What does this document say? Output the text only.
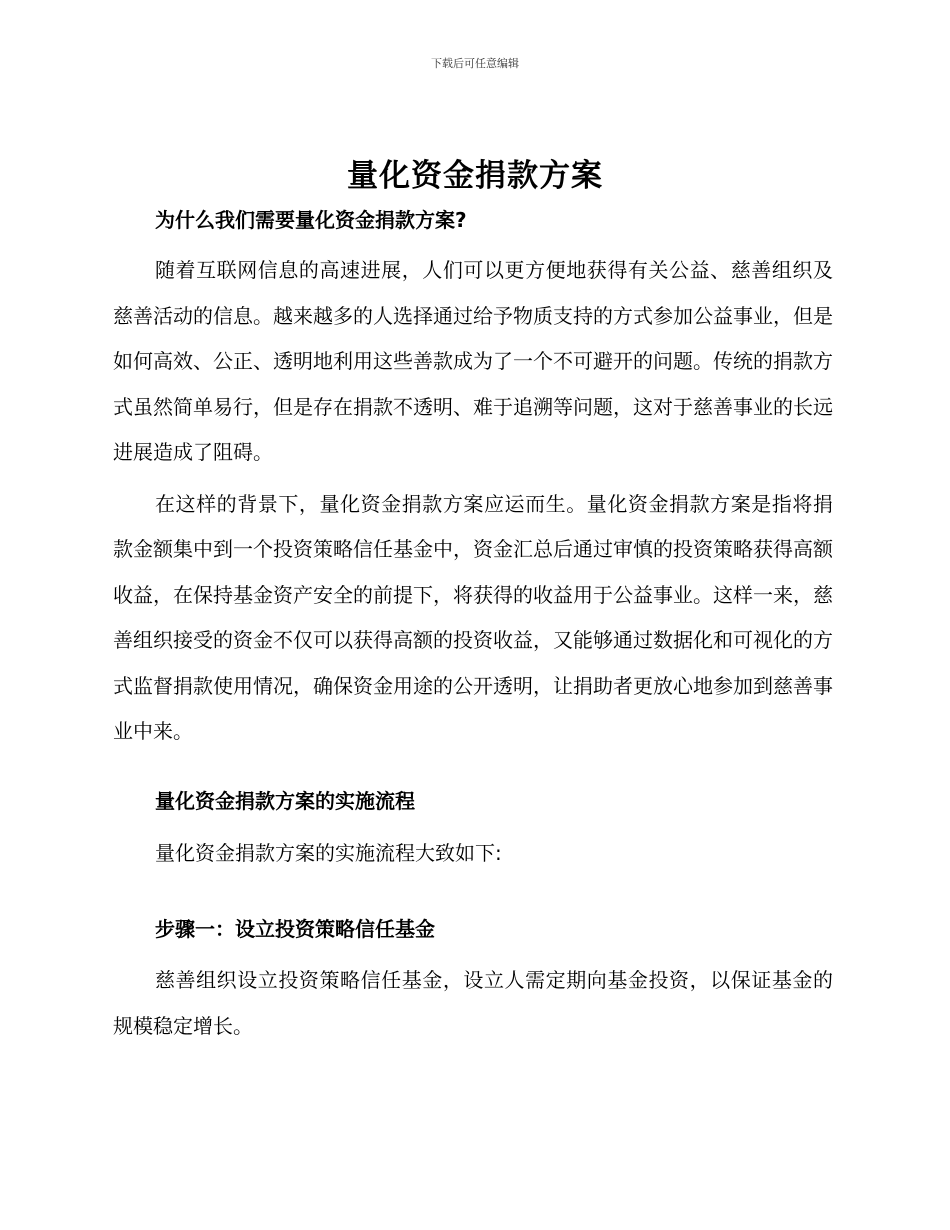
下载后可任意编辑
量化资金捐款方案
为什么我们需要量化资金捐款方案?

随着互联网信息的高速进展，人们可以更方便地获得有关公益、慈善组织及慈善活动的信息。越来越多的人选择通过给予物质支持的方式参加公益事业，但是如何高效、公正、透明地利用这些善款成为了一个不可避开的问题。传统的捐款方式虽然简单易行，但是存在捐款不透明、难于追溯等问题，这对于慈善事业的长远进展造成了阻碍。

在这样的背景下，量化资金捐款方案应运而生。量化资金捐款方案是指将捐款金额集中到一个投资策略信任基金中，资金汇总后通过审慎的投资策略获得高额收益，在保持基金资产安全的前提下，将获得的收益用于公益事业。这样一来，慈善组织接受的资金不仅可以获得高额的投资收益，又能够通过数据化和可视化的方式监督捐款使用情况，确保资金用途的公开透明，让捐助者更放心地参加到慈善事业中来。

量化资金捐款方案的实施流程

量化资金捐款方案的实施流程大致如下:

步骤一：设立投资策略信任基金

慈善组织设立投资策略信任基金，设立人需定期向基金投资，以保证基金的规模稳定增长。
